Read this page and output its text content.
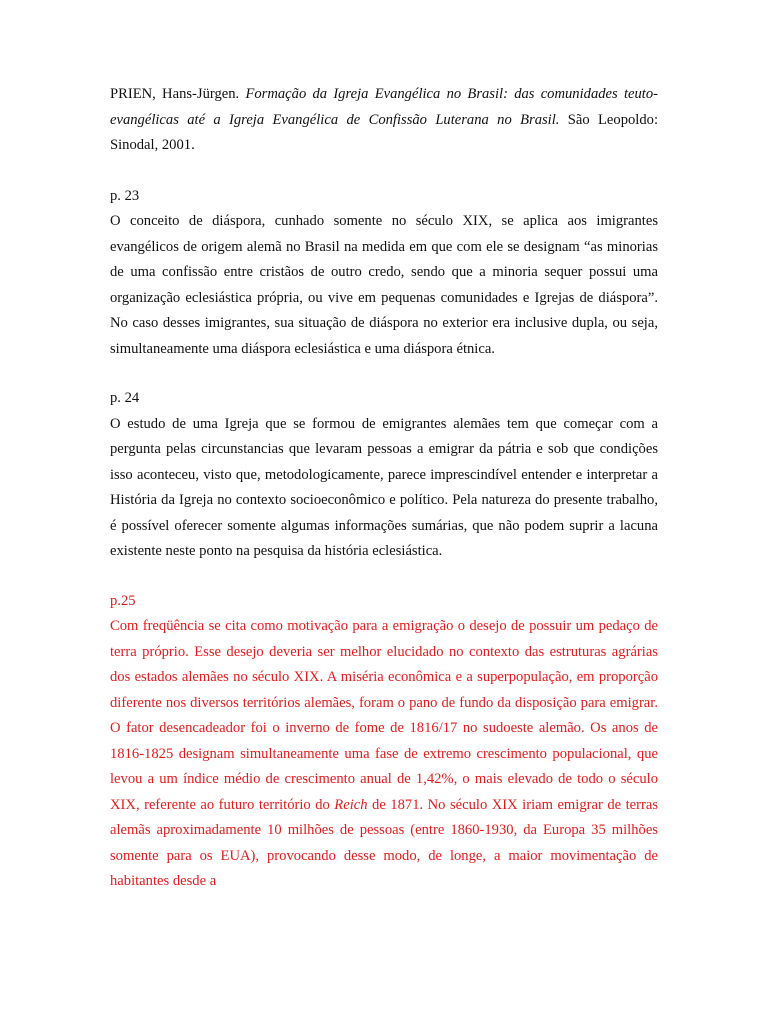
PRIEN, Hans-Jürgen. Formação da Igreja Evangélica no Brasil: das comunidades teuto-evangélicas até a Igreja Evangélica de Confissão Luterana no Brasil. São Leopoldo: Sinodal, 2001.

p. 23

O conceito de diáspora, cunhado somente no século XIX, se aplica aos imigrantes evangélicos de origem alemã no Brasil na medida em que com ele se designam “as minorias de uma confissão entre cristãos de outro credo, sendo que a minoria sequer possui uma organização eclesiástica própria, ou vive em pequenas comunidades e Igrejas de diáspora”. No caso desses imigrantes, sua situação de diáspora no exterior era inclusive dupla, ou seja, simultaneamente uma diáspora eclesiástica e uma diáspora étnica.

p. 24

O estudo de uma Igreja que se formou de emigrantes alemães tem que começar com a pergunta pelas circunstancias que levaram pessoas a emigrar da pátria e sob que condições isso aconteceu, visto que, metodologicamente, parece imprescindível entender e interpretar a História da Igreja no contexto socioeconômico e político. Pela natureza do presente trabalho, é possível oferecer somente algumas informações sumárias, que não podem suprir a lacuna existente neste ponto na pesquisa da história eclesiástica.

p.25

Com freqüência se cita como motivação para a emigração o desejo de possuir um pedaço de terra próprio. Esse desejo deveria ser melhor elucidado no contexto das estruturas agrárias dos estados alemães no século XIX. A miséria econômica e a superpopulação, em proporção diferente nos diversos territórios alemães, foram o pano de fundo da disposição para emigrar. O fator desencadeador foi o inverno de fome de 1816/17 no sudoeste alemão. Os anos de 1816-1825 designam simultaneamente uma fase de extremo crescimento populacional, que levou a um índice médio de crescimento anual de 1,42%, o mais elevado de todo o século XIX, referente ao futuro território do Reich de 1871. No século XIX iriam emigrar de terras alemãs aproximadamente 10 milhões de pessoas (entre 1860-1930, da Europa 35 milhões somente para os EUA), provocando desse modo, de longe, a maior movimentação de habitantes desde a
